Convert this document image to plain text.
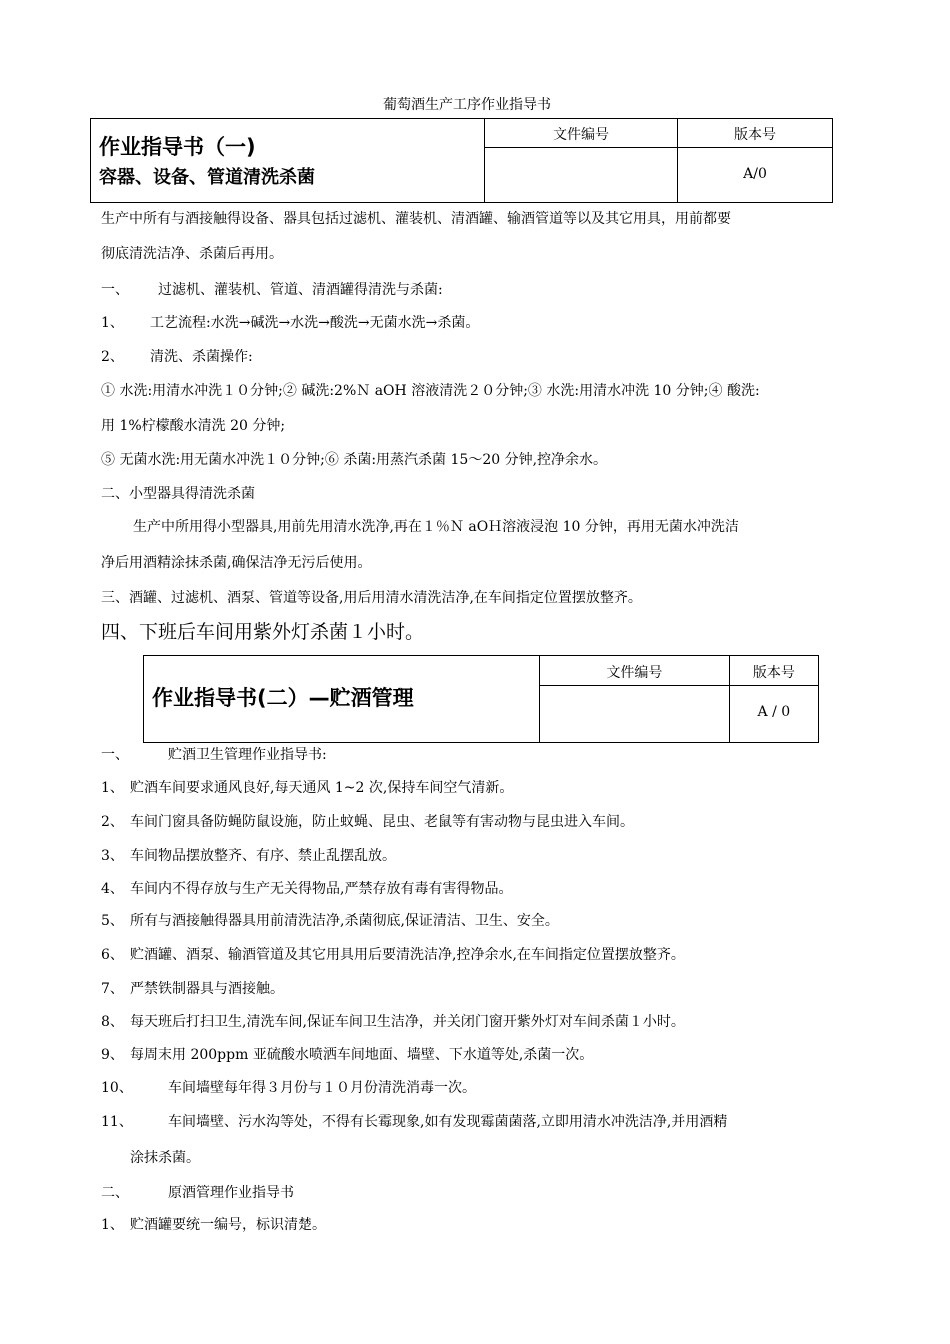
葡萄酒生产工序作业指导书
作业指导书（一)
容器、设备、管道清洗杀菌	文件编号	版本号

		A/0
生产中所有与酒接触得设备、器具包括过滤机、灌装机、清酒罐、输酒管道等以及其它用具，用前都要
彻底清洗洁净、杀菌后再用。
一、 过滤机、灌装机、管道、清酒罐得清洗与杀菌:
1、 工艺流程:水洗→碱洗→水洗→酸洗→无菌水洗→杀菌。
2、 清洗、杀菌操作:
① 水洗:用清水冲洗１０分钟;② 碱洗:2%Ｎ aOH 溶液清洗２０分钟;③ 水洗:用清水冲洗 10 分钟;④ 酸洗:
用 1%柠檬酸水清洗 20 分钟;
⑤ 无菌水洗:用无菌水冲洗１０分钟;⑥ 杀菌:用蒸汽杀菌 15～20 分钟,控净余水。
二、小型器具得清洗杀菌
生产中所用得小型器具,用前先用清水洗净,再在１％Ｎ aOＨ溶液浸泡 10 分钟，再用无菌水冲洗洁
净后用酒精涂抹杀菌,确保洁净无污后使用。
三、酒罐、过滤机、酒泵、管道等设备,用后用清水清洗洁净,在车间指定位置摆放整齐。
四、下班后车间用紫外灯杀菌１小时。
作业指导书(二）—贮酒管理	文件编号	版本号

		A / 0
一、	贮酒卫生管理作业指导书:
1、 贮酒车间要求通风良好,每天通风 1~2 次,保持车间空气清新。
2、 车间门窗具备防蝇防鼠设施，防止蚊蝇、昆虫、老鼠等有害动物与昆虫进入车间。
3、 车间物品摆放整齐、有序、禁止乱摆乱放。
4、 车间内不得存放与生产无关得物品,严禁存放有毒有害得物品。
5、 所有与酒接触得器具用前清洗洁净,杀菌彻底,保证清洁、卫生、安全。
6、 贮酒罐、酒泵、输酒管道及其它用具用后要清洗洁净,控净余水,在车间指定位置摆放整齐。
7、 严禁铁制器具与酒接触。
8、 每天班后打扫卫生,清洗车间,保证车间卫生洁净，并关闭门窗开紫外灯对车间杀菌１小时。
9、 每周末用 200ppm 亚硫酸水喷洒车间地面、墙壁、下水道等处,杀菌一次。
10、	车间墙壁每年得３月份与１０月份清洗消毒一次。
11、	车间墙壁、污水沟等处，不得有长霉现象,如有发现霉菌菌落,立即用清水冲洗洁净,并用酒精
涂抹杀菌。
二、	原酒管理作业指导书
1、 贮酒罐要统一编号，标识清楚。
